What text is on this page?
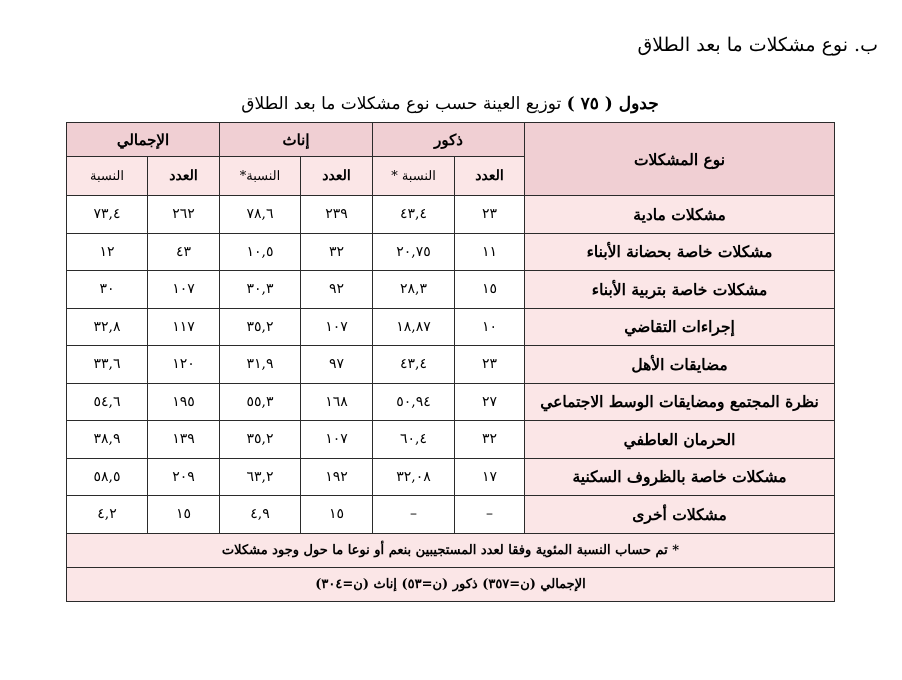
ب. نوع مشكلات ما بعد الطلاق
جدول ( ٧٥ ) توزيع العينة حسب نوع مشكلات ما بعد الطلاق
نوع المشكلات	ذكور		إناث		الإجمالي	
	العدد	النسبة *	العدد	النسبة*	العدد	النسبة
مشكلات مادية	٢٣	٤٣,٤	٢٣٩	٧٨,٦	٢٦٢	٧٣,٤
مشكلات خاصة بحضانة الأبناء	١١	٢٠,٧٥	٣٢	١٠,٥	٤٣	١٢
مشكلات خاصة بتربية الأبناء	١٥	٢٨,٣	٩٢	٣٠,٣	١٠٧	٣٠
إجراءات التقاضي	١٠	١٨,٨٧	١٠٧	٣٥,٢	١١٧	٣٢,٨
مضايقات الأهل	٢٣	٤٣,٤	٩٧	٣١,٩	١٢٠	٣٣,٦
نظرة المجتمع ومضايقات الوسط الاجتماعي	٢٧	٥٠,٩٤	١٦٨	٥٥,٣	١٩٥	٥٤,٦
الحرمان العاطفي	٣٢	٦٠,٤	١٠٧	٣٥,٢	١٣٩	٣٨,٩
مشكلات خاصة بالظروف السكنية	١٧	٣٢,٠٨	١٩٢	٦٣,٢	٢٠٩	٥٨,٥
مشكلات أخرى	–	–	١٥	٤,٩	١٥	٤,٢
* تم حساب النسبة المئوية وفقا لعدد المستجيبين بنعم أو نوعا ما حول وجود مشكلات						
الإجمالي (ن=٣٥٧) ذكور (ن=٥٣) إناث (ن=٣٠٤)						
